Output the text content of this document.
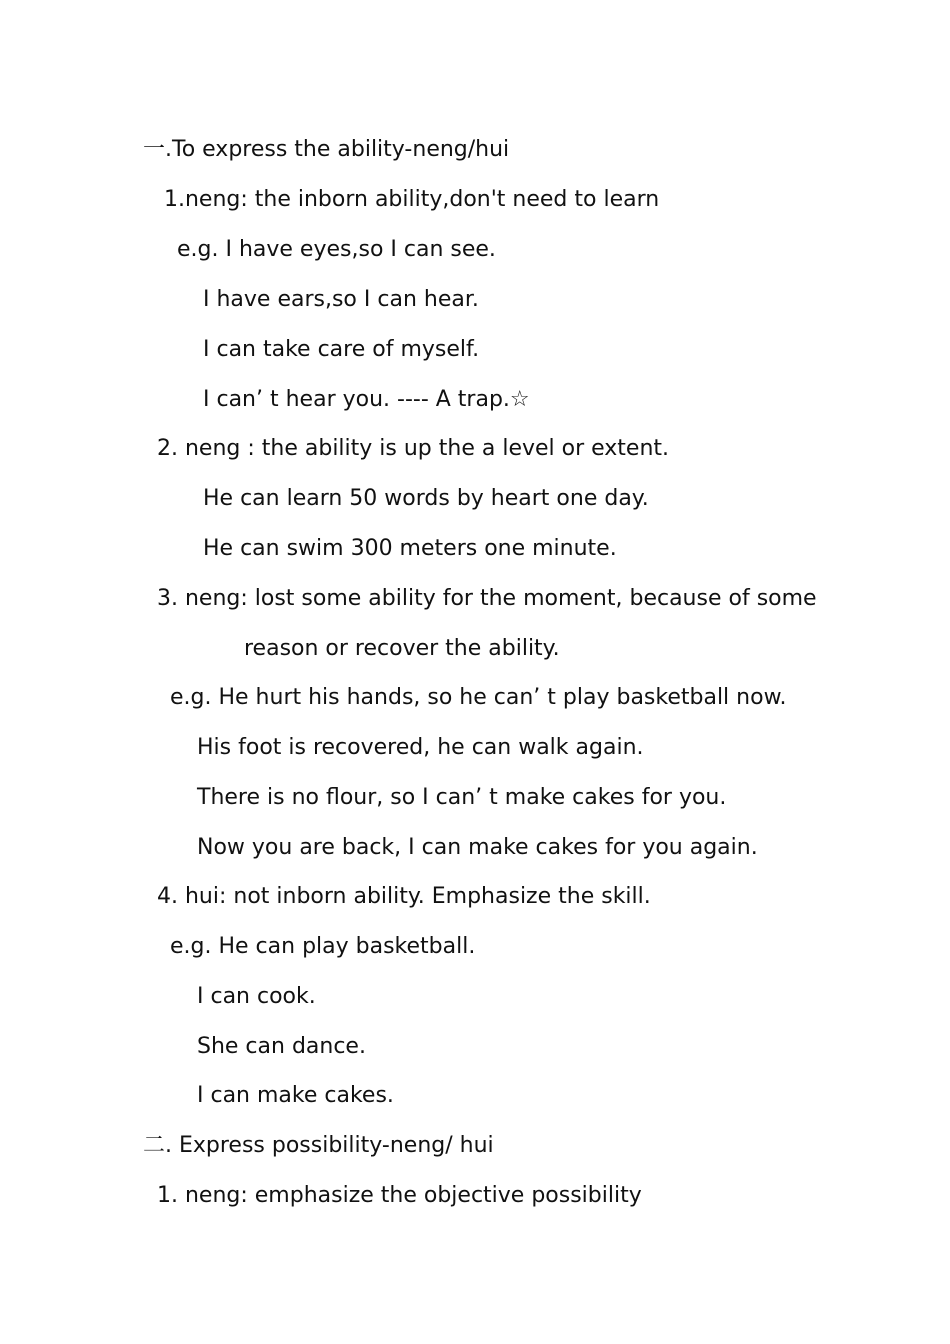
一.To express the ability-neng/hui
1.neng: the inborn ability,don't need to learn
e.g. I have eyes,so I can see.
I have ears,so I can hear.
I can take care of myself.
I can’ t hear you. ---- A trap.☆
2. neng : the ability is up the a level or extent.
He can learn 50 words by heart one day.
He can swim 300 meters one minute.
3. neng: lost some ability for the moment, because of some
reason or recover the ability.
e.g. He hurt his hands, so he can’ t play basketball now.
His foot is recovered, he can walk again.
There is no flour, so I can’ t make cakes for you.
Now you are back, I can make cakes for you again.
4. hui: not inborn ability. Emphasize the skill.
e.g. He can play basketball.
I can cook.
She can dance.
I can make cakes.
二. Express possibility-neng/ hui
1. neng: emphasize the objective possibility
